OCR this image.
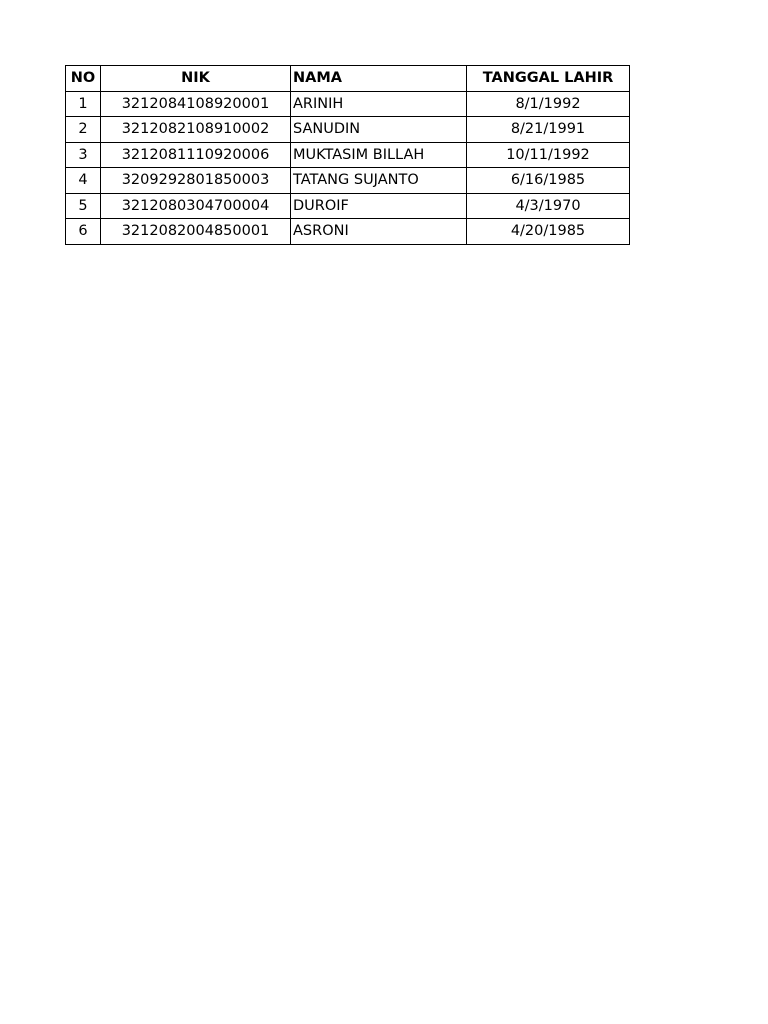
NO	NIK	NAMA	TANGGAL LAHIR
1	3212084108920001	ARINIH	8/1/1992
2	3212082108910002	SANUDIN	8/21/1991
3	3212081110920006	MUKTASIM BILLAH	10/11/1992
4	3209292801850003	TATANG SUJANTO	6/16/1985
5	3212080304700004	DUROIF	4/3/1970
6	3212082004850001	ASRONI	4/20/1985
